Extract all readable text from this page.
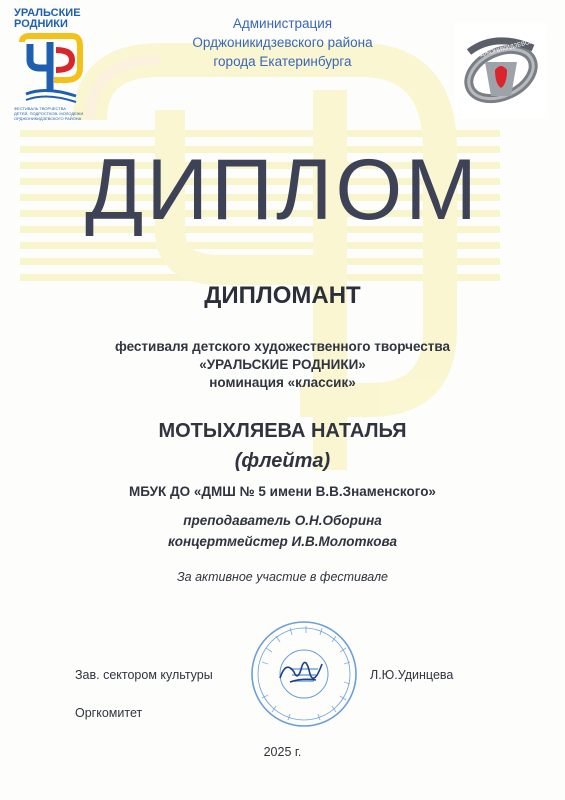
УРАЛЬСКИЕ
РОДНИКИ
ФЕСТИВАЛЬ ТВОРЧЕСТВА
ДЕТЕЙ, ПОДРОСТКОВ, МОЛОДЕЖИ
ОРДЖОНИКИДЗЕВСКОГО РАЙОНА
Администрация
Орджоникидзевского района
города Екатеринбурга
ОРДЖОНИКИДЗЕВСКИЙ РАЙОН
ДИПЛОМ
ДИПЛОМАНТ
фестиваля детского художественного творчества
«УРАЛЬСКИЕ РОДНИКИ»
номинация «классик»
МОТЫХЛЯЕВА НАТАЛЬЯ
(флейта)
МБУК ДО «ДМШ № 5 имени В.В.Знаменского»
преподаватель О.Н.Оборина
концертмейстер И.В.Молоткова
За активное участие в фестивале
Зав. сектором культуры	Л.Ю.Удинцева
Оргкомитет
2025 г.
